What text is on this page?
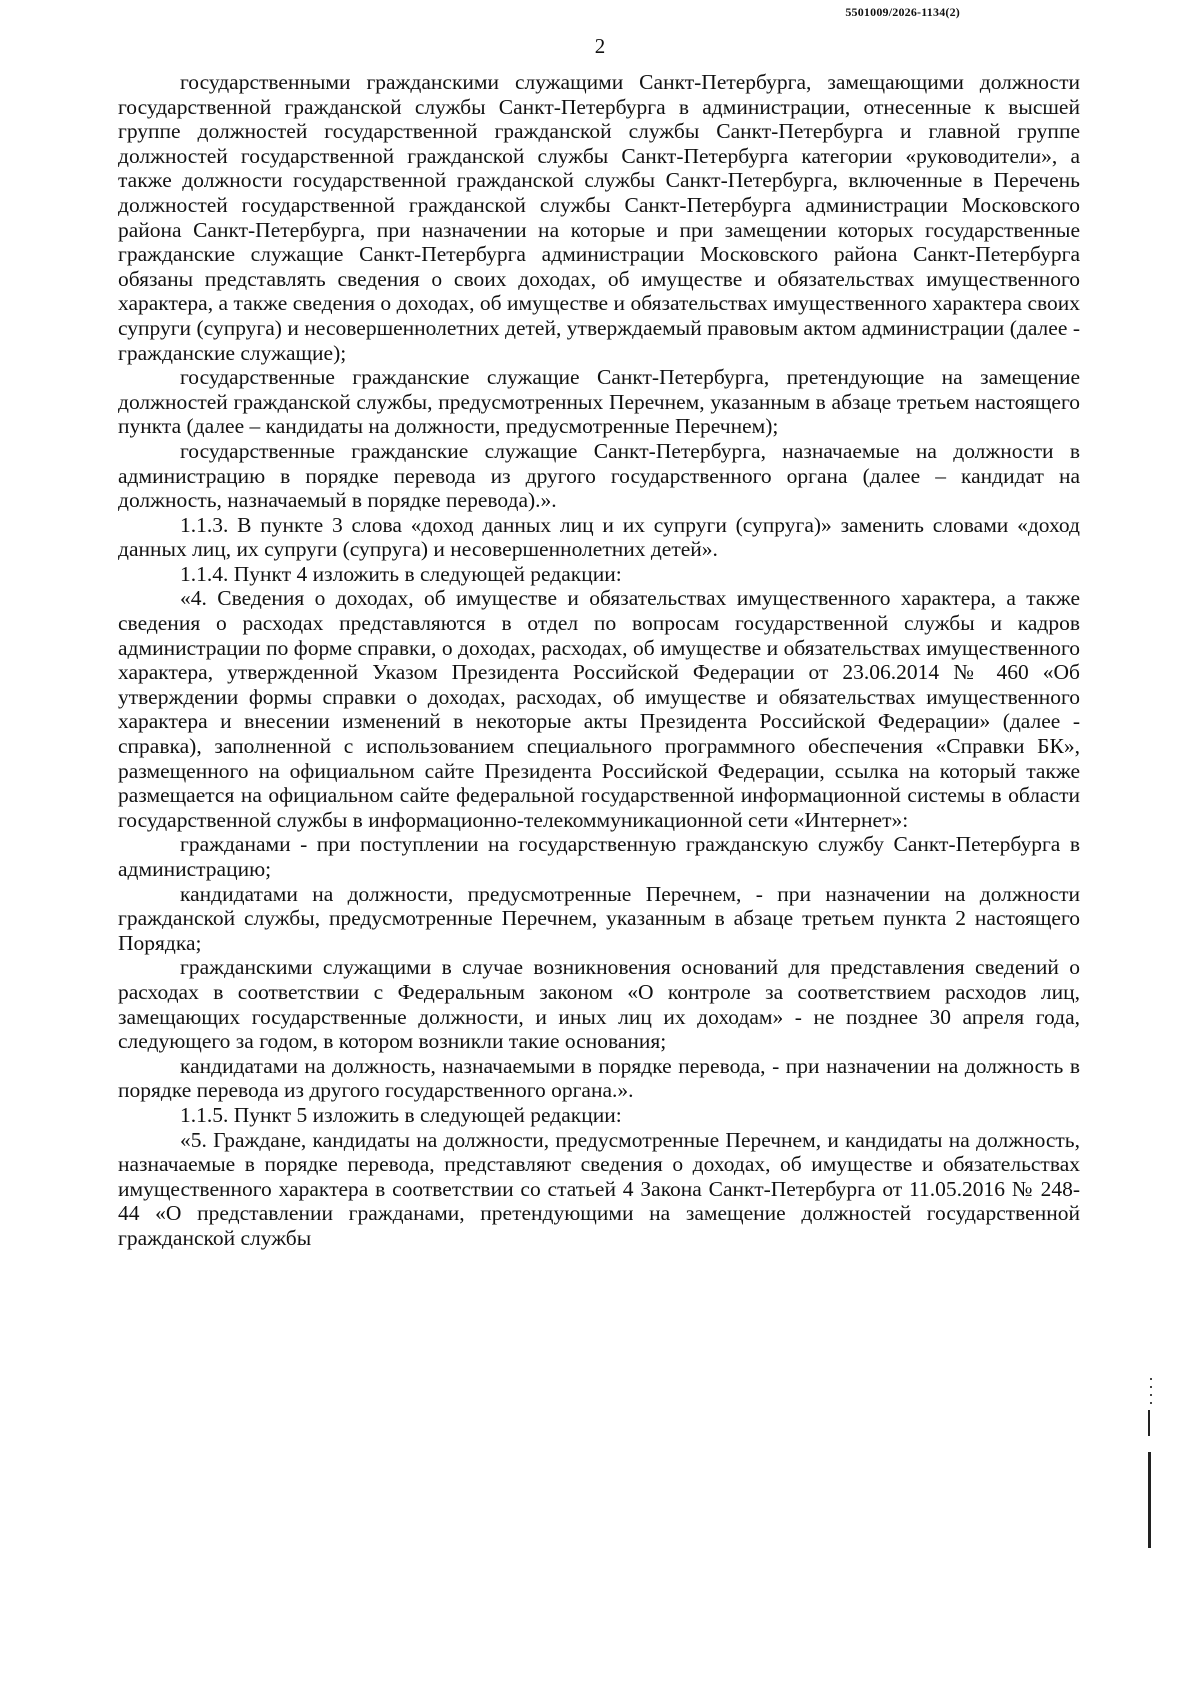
5501009/2026-1134(2)
2

государственными гражданскими служащими Санкт-Петербурга, замещающими должности государственной гражданской службы Санкт-Петербурга в администрации, отнесенные к высшей группе должностей государственной гражданской службы Санкт-Петербурга и главной группе должностей государственной гражданской службы Санкт-Петербурга категории «руководители», а также должности государственной гражданской службы Санкт-Петербурга, включенные в Перечень должностей государственной гражданской службы Санкт-Петербурга администрации Московского района Санкт-Петербурга, при назначении на которые и при замещении которых государственные гражданские служащие Санкт-Петербурга администрации Московского района Санкт-Петербурга обязаны представлять сведения о своих доходах, об имуществе и обязательствах имущественного характера, а также сведения о доходах, об имуществе и обязательствах имущественного характера своих супруги (супруга) и несовершеннолетних детей, утверждаемый правовым актом администрации (далее - гражданские служащие);

государственные гражданские служащие Санкт-Петербурга, претендующие на замещение должностей гражданской службы, предусмотренных Перечнем, указанным в абзаце третьем настоящего пункта (далее – кандидаты на должности, предусмотренные Перечнем);

государственные гражданские служащие Санкт-Петербурга, назначаемые на должности в администрацию в порядке перевода из другого государственного органа (далее – кандидат на должность, назначаемый в порядке перевода).».

1.1.3. В пункте 3 слова «доход данных лиц и их супруги (супруга)» заменить словами «доход данных лиц, их супруги (супруга) и несовершеннолетних детей».

1.1.4. Пункт 4 изложить в следующей редакции:

«4. Сведения о доходах, об имуществе и обязательствах имущественного характера, а также сведения о расходах представляются в отдел по вопросам государственной службы и кадров администрации по форме справки, о доходах, расходах, об имуществе и обязательствах имущественного характера, утвержденной Указом Президента Российской Федерации от 23.06.2014 № 460 «Об утверждении формы справки о доходах, расходах, об имуществе и обязательствах имущественного характера и внесении изменений в некоторые акты Президента Российской Федерации» (далее - справка), заполненной с использованием специального программного обеспечения «Справки БК», размещенного на официальном сайте Президента Российской Федерации, ссылка на который также размещается на официальном сайте федеральной государственной информационной системы в области государственной службы в информационно-телекоммуникационной сети «Интернет»:

гражданами - при поступлении на государственную гражданскую службу Санкт-Петербурга в администрацию;

кандидатами на должности, предусмотренные Перечнем, - при назначении на должности гражданской службы, предусмотренные Перечнем, указанным в абзаце третьем пункта 2 настоящего Порядка;

гражданскими служащими в случае возникновения оснований для представления сведений о расходах в соответствии с Федеральным законом «О контроле за соответствием расходов лиц, замещающих государственные должности, и иных лиц их доходам» - не позднее 30 апреля года, следующего за годом, в котором возникли такие основания;

кандидатами на должность, назначаемыми в порядке перевода, - при назначении на должность в порядке перевода из другого государственного органа.».

1.1.5. Пункт 5 изложить в следующей редакции:

«5. Граждане, кандидаты на должности, предусмотренные Перечнем, и кандидаты на должность, назначаемые в порядке перевода, представляют сведения о доходах, об имуществе и обязательствах имущественного характера в соответствии со статьей 4 Закона Санкт-Петербурга от 11.05.2016 № 248-44 «О представлении гражданами, претендующими на замещение должностей государственной гражданской службы
